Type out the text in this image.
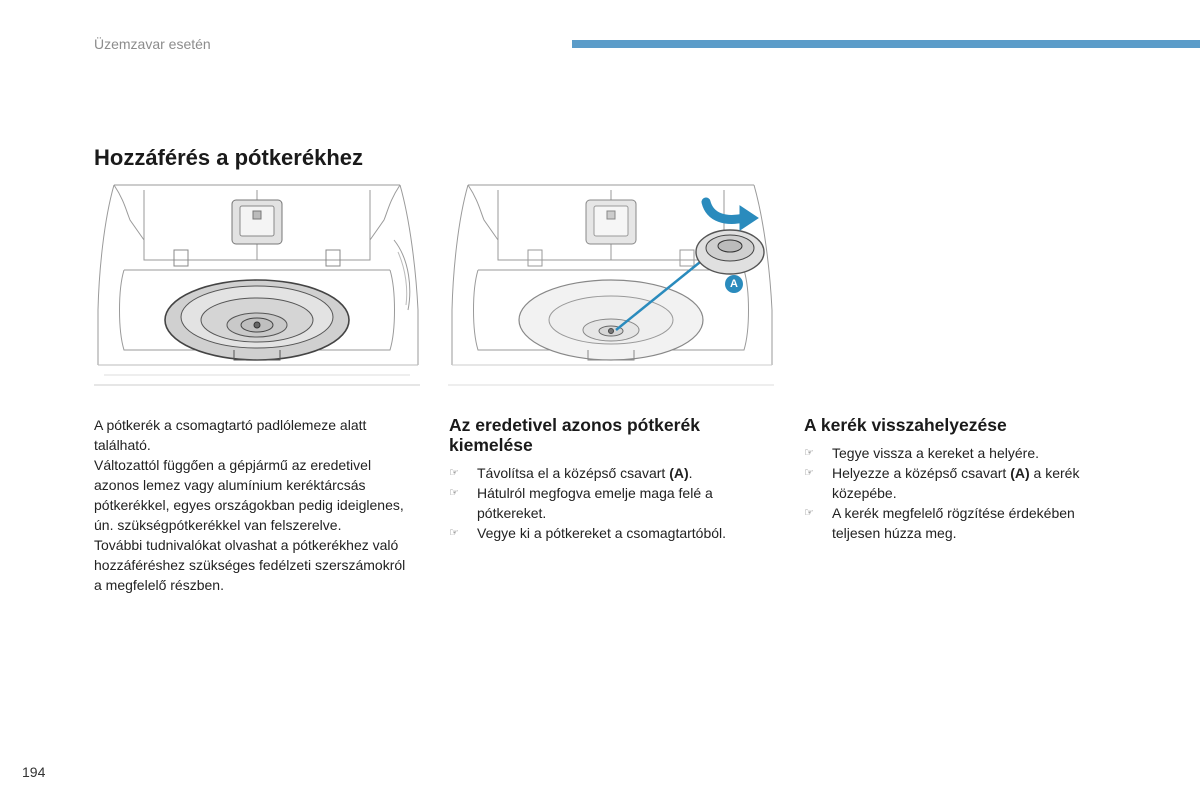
Üzemzavar esetén
Hozzáférés a pótkerékhez
A

A pótkerék a csomagtartó padlólemeze alatt található.

Változattól függően a gépjármű az eredetivel azonos lemez vagy alumínium keréktárcsás pótkerékkel, egyes országokban pedig ideiglenes, ún. szükségpótkerékkel van felszerelve.

További tudnivalókat olvashat a pótkerékhez való hozzáféréshez szükséges fedélzeti szerszámokról a megfelelő részben.

Az eredetivel azonos pótkerék kiemelése
☞ Távolítsa el a középső csavart (A).
☞ Hátulról megfogva emelje maga felé a pótkereket.
☞ Vegye ki a pótkereket a csomagtartóból.
A kerék visszahelyezése
☞ Tegye vissza a kereket a helyére.
☞ Helyezze a középső csavart (A) a kerék közepébe.
☞ A kerék megfelelő rögzítése érdekében teljesen húzza meg.
194
